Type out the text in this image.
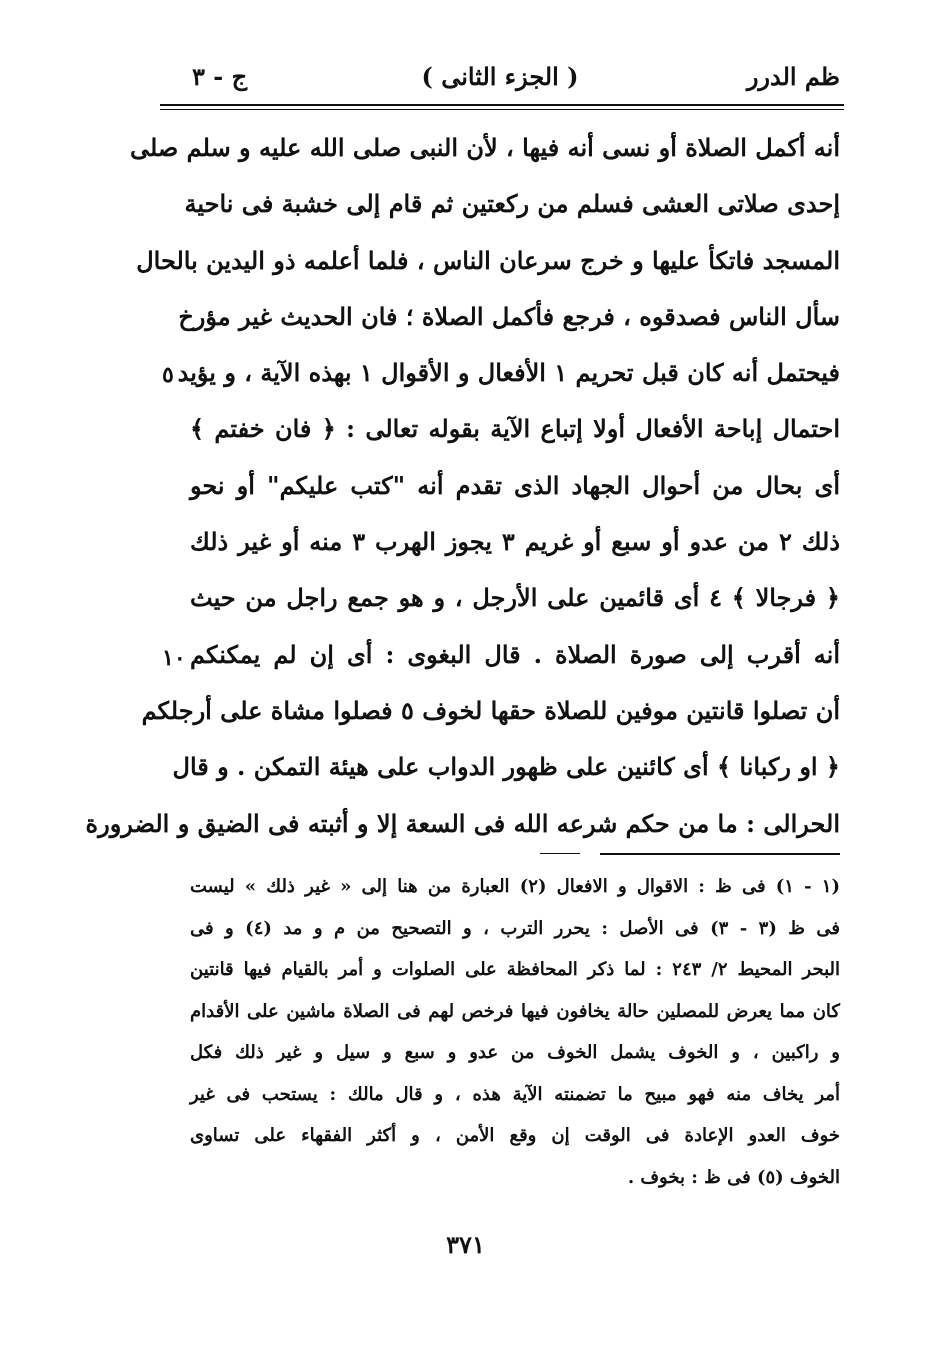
ظم الدرر
( الجزء الثانى )
ج - ٣
أنه أكمل الصلاة أو نسى أنه فيها ، لأن النبى صلى الله عليه و سلم صلى
إحدى صلاتى العشى فسلم من ركعتين ثم قام إلى خشبة فى ناحية
المسجد فاتكأ عليها و خرج سرعان الناس ، فلما أعلمه ذو اليدين بالحال
سأل الناس فصدقوه ، فرجع فأكمل الصلاة ؛ فان الحديث غير مؤرخ
فيحتمل أنه كان قبل تحريم ١ الأفعال و الأقوال ١ بهذه الآية ، و يؤيد
احتمال إباحة الأفعال أولا إتباع الآية بقوله تعالى : ﴿ فان خفتم ﴾
أى بحال من أحوال الجهاد الذى تقدم أنه "كتب عليكم" أو نحو
ذلك ٢ من عدو أو سبع أو غريم ٣ يجوز الهرب ٣ منه أو غير ذلك
﴿ فرجالا ﴾ ٤ أى قائمين على الأرجل ، و هو جمع راجل من حيث
أنه أقرب إلى صورة الصلاة . قال البغوى : أى إن لم يمكنكم
أن تصلوا قانتين موفين للصلاة حقها لخوف ٥ فصلوا مشاة على أرجلكم
﴿ او ركبانا ﴾ أى كائنين على ظهور الدواب على هيئة التمكن . و قال
الحرالى : ما من حكم شرعه الله فى السعة إلا و أثبته فى الضيق و الضرورة
٥
١٠
(١ - ١) فى ظ : الاقوال و الافعال (٢) العبارة من هنا إلى « غير ذلك » ليست
فى ظ (٣ - ٣) فى الأصل : يحرر الترب ، و التصحيح من م و مد (٤) و فى
البحر المحيط ٢/ ٢٤٣ : لما ذكر المحافظة على الصلوات و أمر بالقيام فيها قانتين
كان مما يعرض للمصلين حالة يخافون فيها فرخص لهم فى الصلاة ماشين على الأقدام
و راكبين ، و الخوف يشمل الخوف من عدو و سبع و سيل و غير ذلك فكل
أمر يخاف منه فهو مبيح ما تضمنته الآية هذه ، و قال مالك : يستحب فى غير
خوف العدو الإعادة فى الوقت إن وقع الأمن ، و أكثر الفقهاء على تساوى
الخوف (٥) فى ظ : بخوف .
٣٧١
